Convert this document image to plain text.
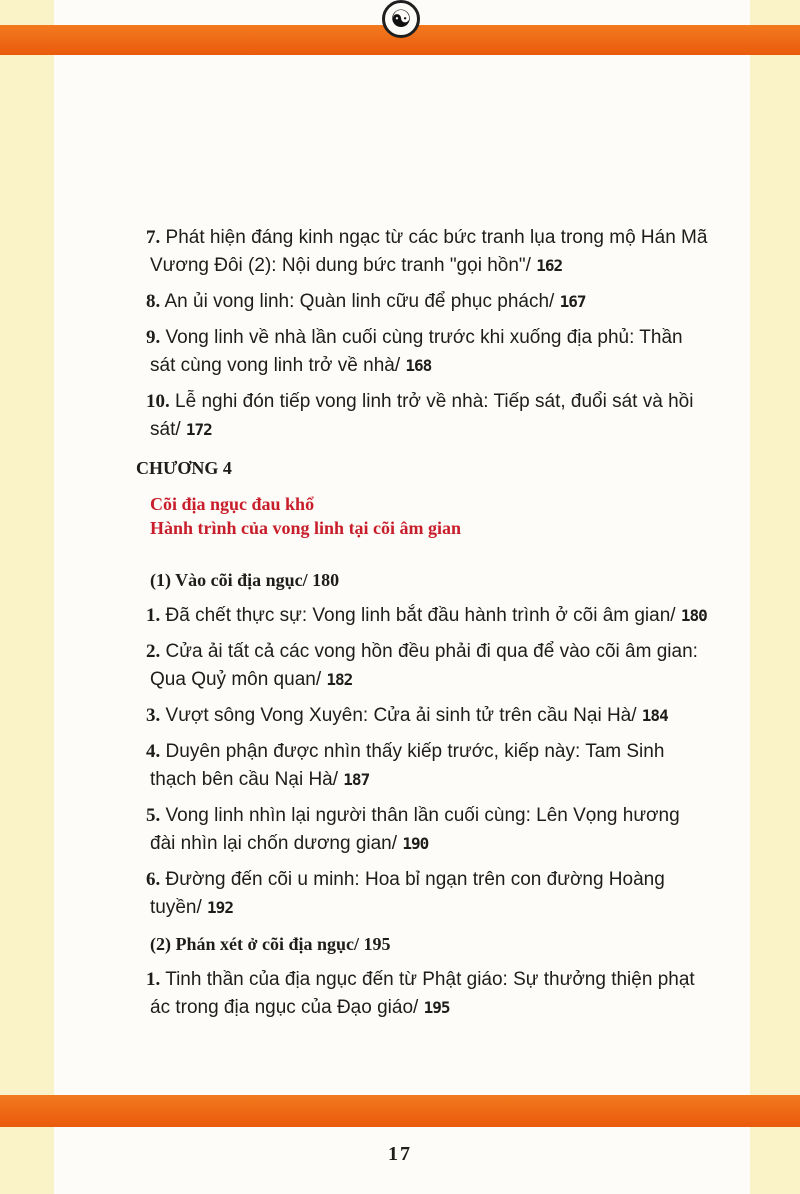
☯

7. Phát hiện đáng kinh ngạc từ các bức tranh lụa trong mộ Hán Mã Vương Đôi (2): Nội dung bức tranh "gọi hồn"/ 162

8. An ủi vong linh: Quàn linh cữu để phục phách/ 167

9. Vong linh về nhà lần cuối cùng trước khi xuống địa phủ: Thần sát cùng vong linh trở về nhà/ 168

10. Lễ nghi đón tiếp vong linh trở về nhà: Tiếp sát, đuổi sát và hồi sát/ 172

CHƯƠNG 4
Cõi địa ngục đau khổ
Hành trình của vong linh tại cõi âm gian

(1) Vào cõi địa ngục/ 180

1. Đã chết thực sự: Vong linh bắt đầu hành trình ở cõi âm gian/ 180

2. Cửa ải tất cả các vong hồn đều phải đi qua để vào cõi âm gian: Qua Quỷ môn quan/ 182

3. Vượt sông Vong Xuyên: Cửa ải sinh tử trên cầu Nại Hà/ 184

4. Duyên phận được nhìn thấy kiếp trước, kiếp này: Tam Sinh thạch bên cầu Nại Hà/ 187

5. Vong linh nhìn lại người thân lần cuối cùng: Lên Vọng hương đài nhìn lại chốn dương gian/ 190

6. Đường đến cõi u minh: Hoa bỉ ngạn trên con đường Hoàng tuyền/ 192

(2) Phán xét ở cõi địa ngục/ 195

1. Tinh thần của địa ngục đến từ Phật giáo: Sự thưởng thiện phạt ác trong địa ngục của Đạo giáo/ 195

17
